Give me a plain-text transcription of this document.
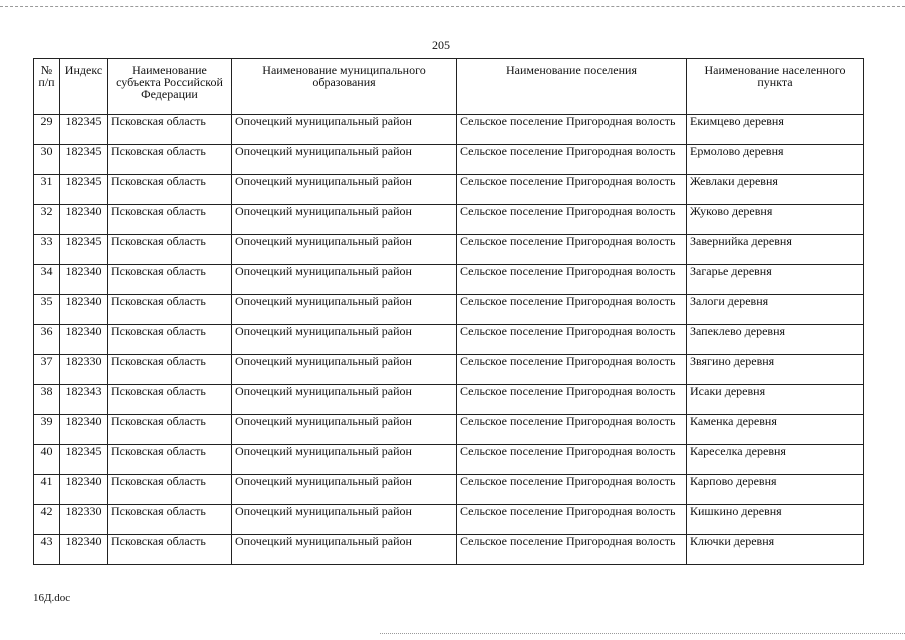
205
№ п/п	Индекс	Наименование субъекта Российской Федерации	Наименование муниципального образования	Наименование поселения	Наименование населенного пункта
29	182345	Псковская область	Опочецкий муниципальный район	Сельское поселение Пригородная волость	Екимцево деревня
30	182345	Псковская область	Опочецкий муниципальный район	Сельское поселение Пригородная волость	Ермолово деревня
31	182345	Псковская область	Опочецкий муниципальный район	Сельское поселение Пригородная волость	Жевлаки деревня
32	182340	Псковская область	Опочецкий муниципальный район	Сельское поселение Пригородная волость	Жуково деревня
33	182345	Псковская область	Опочецкий муниципальный район	Сельское поселение Пригородная волость	Завернийка деревня
34	182340	Псковская область	Опочецкий муниципальный район	Сельское поселение Пригородная волость	Загарье деревня
35	182340	Псковская область	Опочецкий муниципальный район	Сельское поселение Пригородная волость	Залоги деревня
36	182340	Псковская область	Опочецкий муниципальный район	Сельское поселение Пригородная волость	Запеклево деревня
37	182330	Псковская область	Опочецкий муниципальный район	Сельское поселение Пригородная волость	Звягино деревня
38	182343	Псковская область	Опочецкий муниципальный район	Сельское поселение Пригородная волость	Исаки деревня
39	182340	Псковская область	Опочецкий муниципальный район	Сельское поселение Пригородная волость	Каменка деревня
40	182345	Псковская область	Опочецкий муниципальный район	Сельское поселение Пригородная волость	Кареселка деревня
41	182340	Псковская область	Опочецкий муниципальный район	Сельское поселение Пригородная волость	Карпово деревня
42	182330	Псковская область	Опочецкий муниципальный район	Сельское поселение Пригородная волость	Кишкино деревня
43	182340	Псковская область	Опочецкий муниципальный район	Сельское поселение Пригородная волость	Ключки деревня
16Д.doc
